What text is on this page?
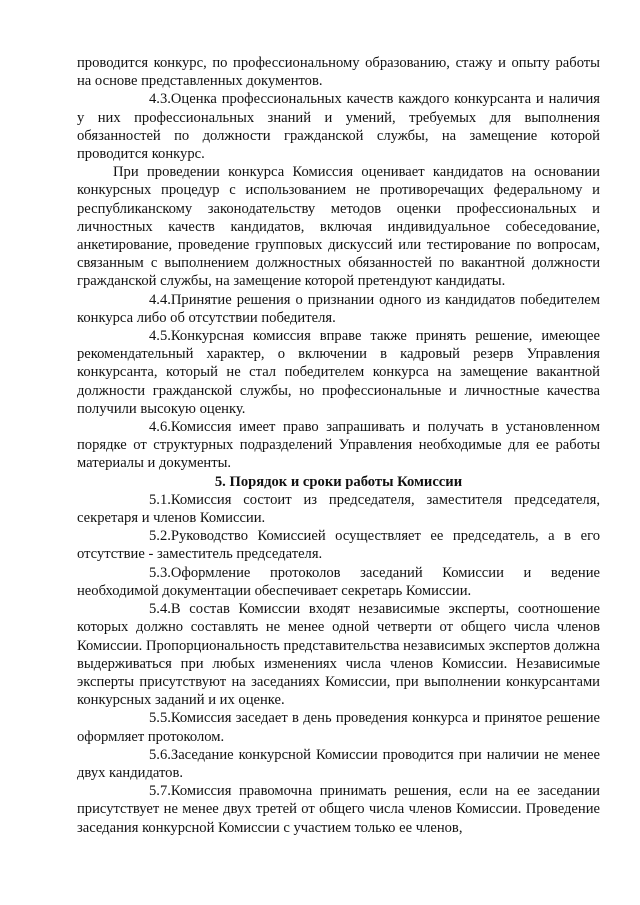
проводится конкурс, по профессиональному образованию, стажу и опыту работы на основе представленных документов.

4.3.Оценка профессиональных качеств каждого конкурсанта и наличия у них профессиональных знаний и умений, требуемых для выполнения обязанностей по должности гражданской службы, на замещение которой проводится конкурс.

При проведении конкурса Комиссия оценивает кандидатов на основании конкурсных процедур с использованием не противоречащих федеральному и республиканскому законодательству методов оценки профессиональных и личностных качеств кандидатов, включая индивидуальное собеседование, анкетирование, проведение групповых дискуссий или тестирование по вопросам, связанным с выполнением должностных обязанностей по вакантной должности гражданской службы, на замещение которой претендуют кандидаты.

4.4.Принятие решения о признании одного из кандидатов победителем конкурса либо об отсутствии победителя.

4.5.Конкурсная комиссия вправе также принять решение, имеющее рекомендательный характер, о включении в кадровый резерв Управления конкурсанта, который не стал победителем конкурса на замещение вакантной должности гражданской службы, но профессиональные и личностные качества получили высокую оценку.

4.6.Комиссия имеет право запрашивать и получать в установленном порядке от структурных подразделений Управления необходимые для ее работы материалы и документы.

5. Порядок и сроки работы Комиссии

5.1.Комиссия состоит из председателя, заместителя председателя, секретаря и членов Комиссии.

5.2.Руководство Комиссией осуществляет ее председатель, а в его отсутствие - заместитель председателя.

5.3.Оформление протоколов заседаний Комиссии и ведение необходимой документации обеспечивает секретарь Комиссии.

5.4.В состав Комиссии входят независимые эксперты, соотношение которых должно составлять не менее одной четверти от общего числа членов Комиссии. Пропорциональность представительства независимых экспертов должна выдерживаться при любых изменениях числа членов Комиссии. Независимые эксперты присутствуют на заседаниях Комиссии, при выполнении конкурсантами конкурсных заданий и их оценке.

5.5.Комиссия заседает в день проведения конкурса и принятое решение оформляет протоколом.

5.6.Заседание конкурсной Комиссии проводится при наличии не менее двух кандидатов.

5.7.Комиссия правомочна принимать решения, если на ее заседании присутствует не менее двух третей от общего числа членов Комиссии. Проведение заседания конкурсной Комиссии с участием только ее членов,
